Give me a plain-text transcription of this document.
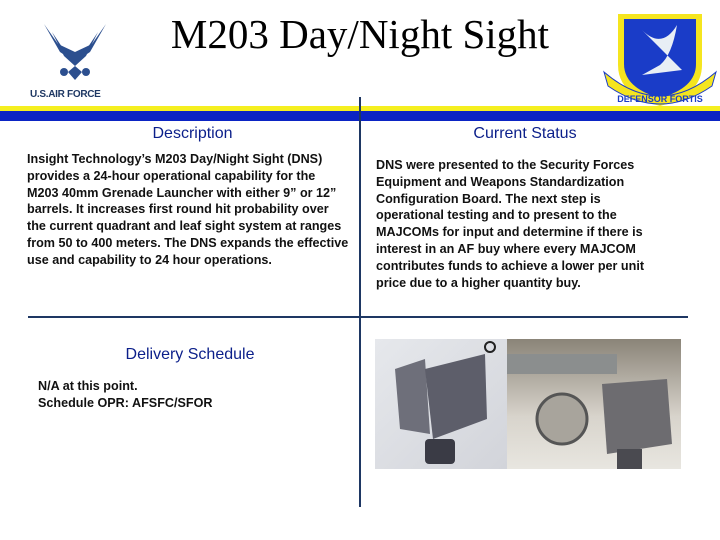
M203 Day/Night Sight
U.S.AIR FORCE	DEFENSOR FORTIS
Description
Insight Technology’s M203 Day/Night Sight (DNS) provides a 24-hour operational capability for the M203 40mm Grenade Launcher with either 9” or 12” barrels. It increases first round hit probability over the current quadrant and leaf sight system at ranges from 50 to 400 meters. The DNS expands the effective use and capability to 24 hour operations.
Current Status
DNS were presented to the Security Forces Equipment and Weapons Standardization Configuration Board. The next step is operational testing and to present to the MAJCOMs for input and determine if there is interest in an AF buy where every MAJCOM contributes funds to achieve a lower per unit price due to a higher quantity buy.
Delivery Schedule
N/A at this point.
Schedule OPR: AFSFC/SFOR
